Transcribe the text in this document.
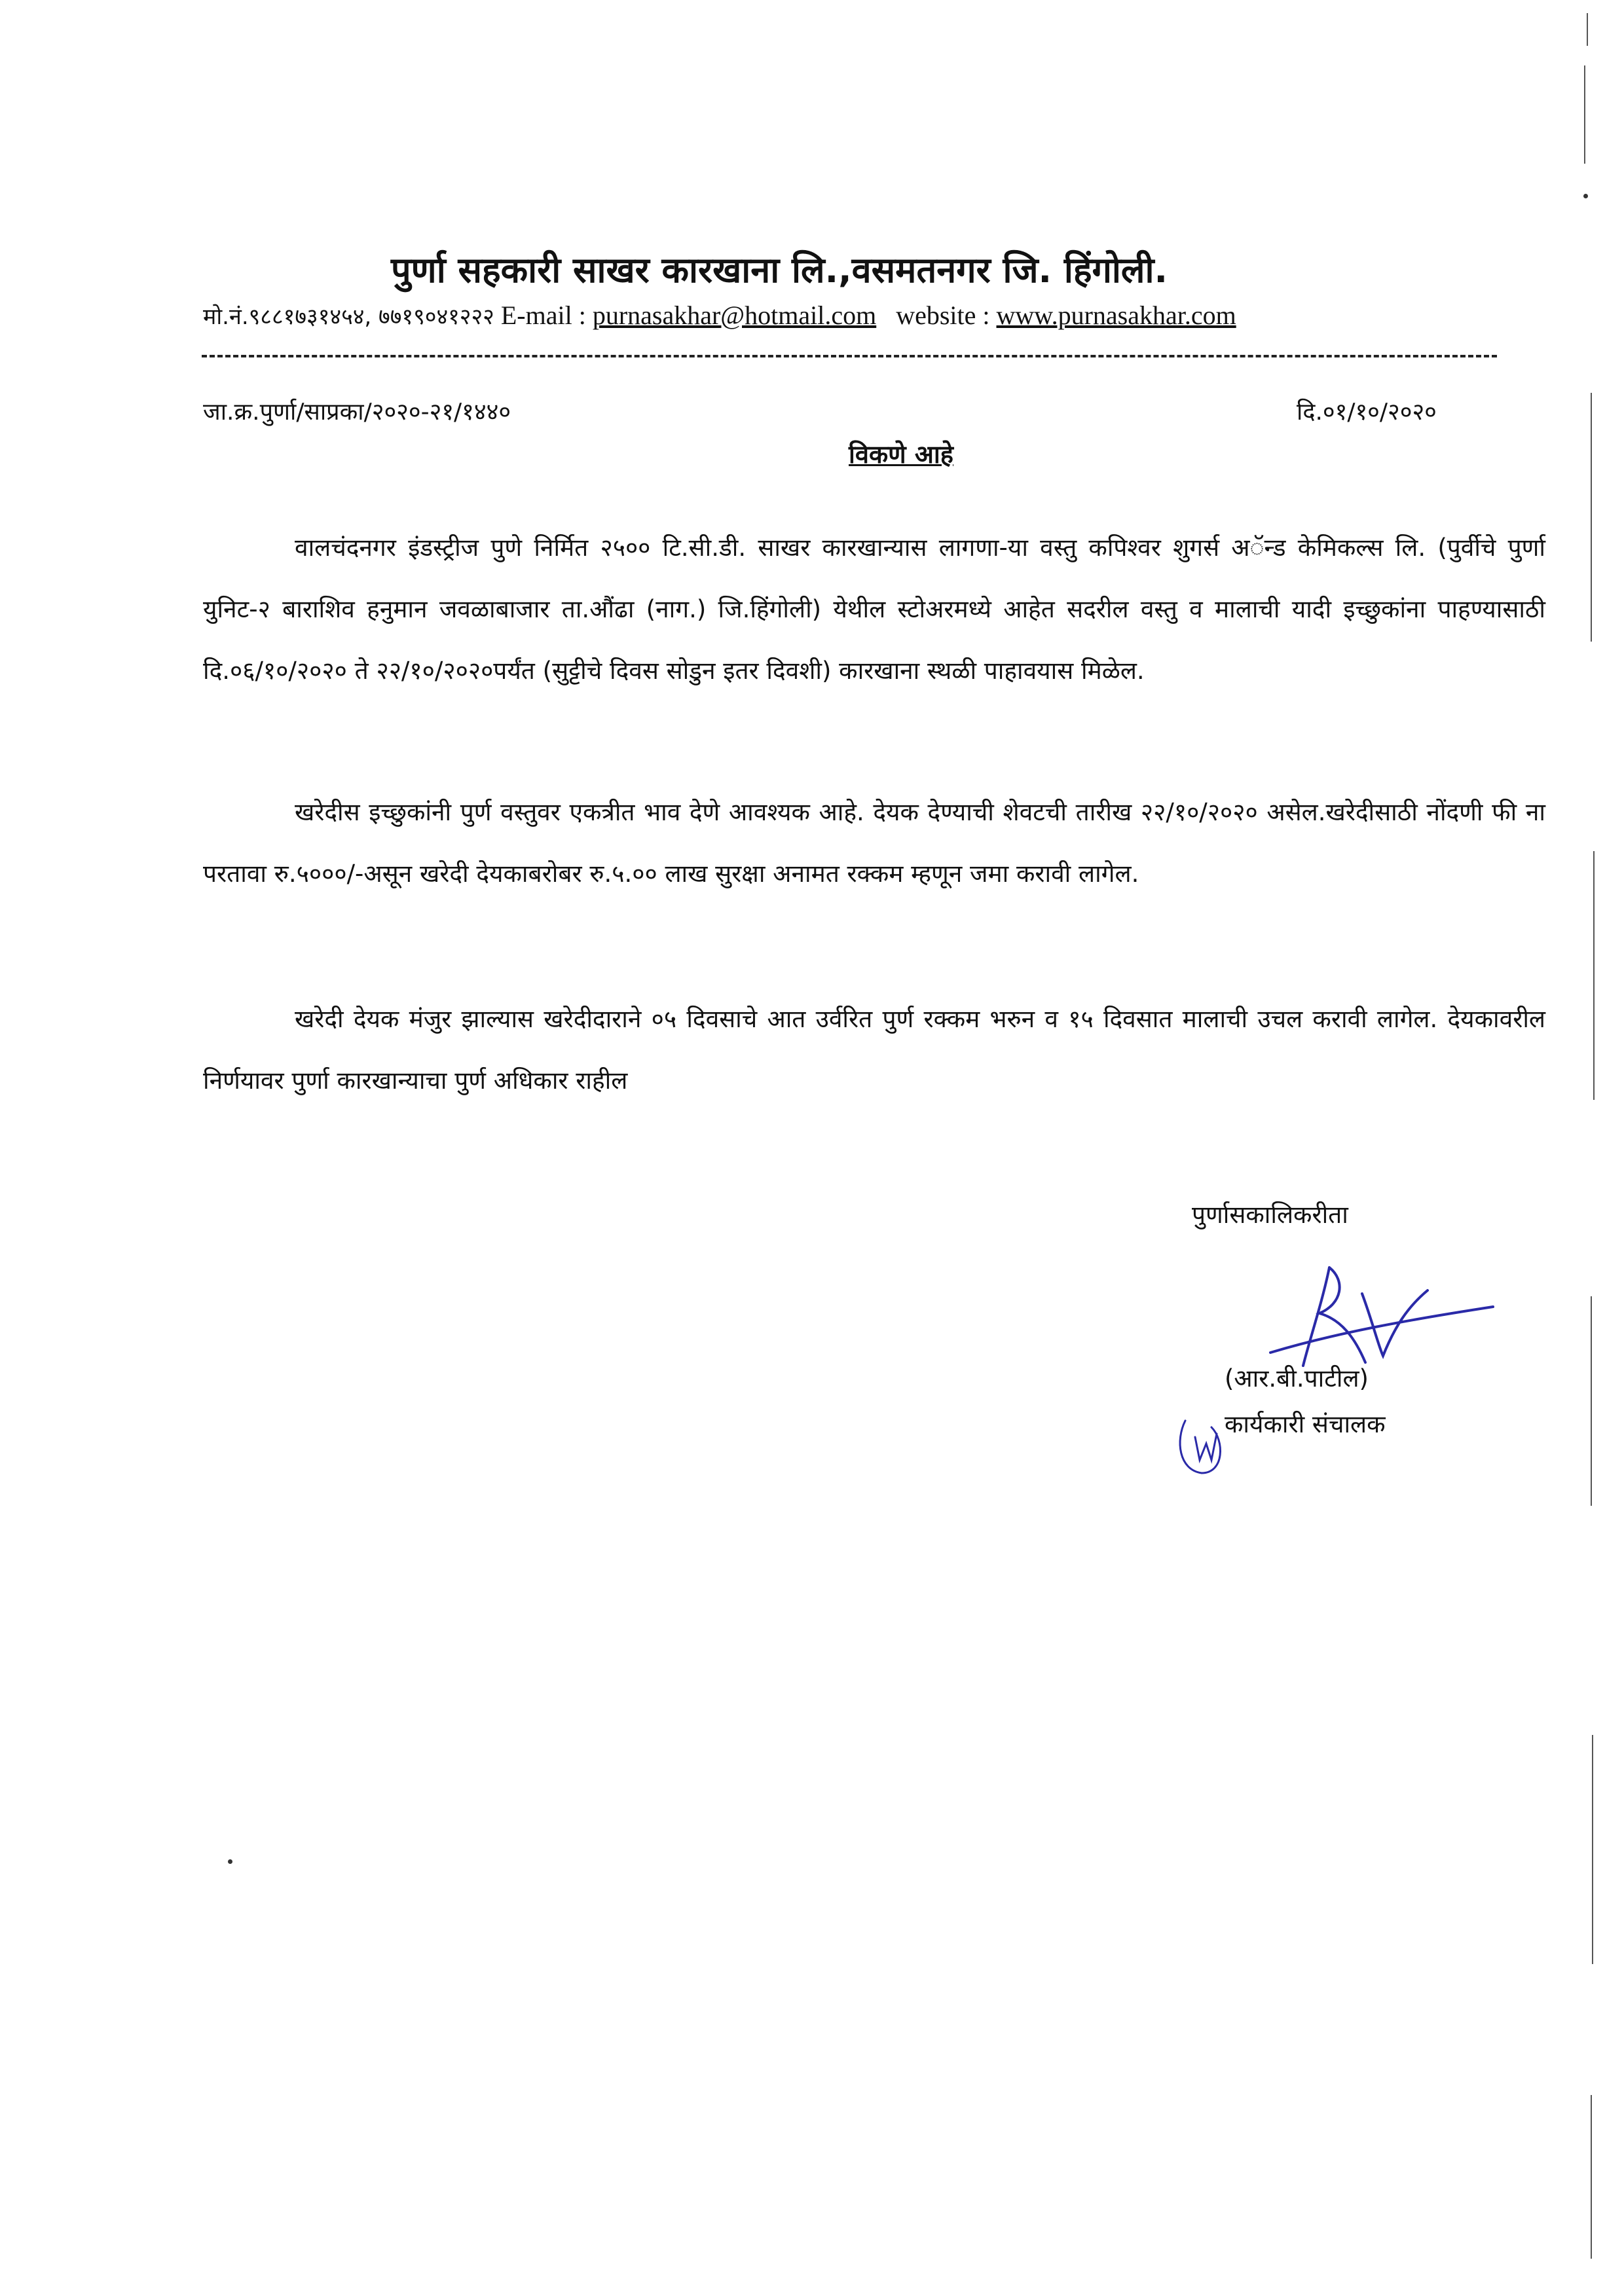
पुर्णा सहकारी साखर कारखाना लि.,वसमतनगर जि. हिंगोली.
मो.नं.९८८१७३१४५४, ७७१९०४१२२२ E-mail : purnasakhar@hotmail.com website : www.purnasakhar.com
जा.क्र.पुर्णा/साप्रका/२०२०-२१/१४४०	दि.०१/१०/२०२०
विकणे आहे
वालचंदनगर इंडस्ट्रीज पुणे निर्मित २५०० टि.सी.डी. साखर कारखान्यास लागणा-या वस्तु कपिश्वर शुगर्स अॅन्ड केमिकल्स लि. (पुर्वीचे पुर्णा युनिट-२ बाराशिव हनुमान जवळाबाजार ता.औंढा (नाग.) जि.हिंगोली) येथील स्टोअरमध्ये आहेत सदरील वस्तु व मालाची यादी इच्छुकांना पाहण्यासाठी दि.०६/१०/२०२० ते २२/१०/२०२०पर्यंत (सुट्टीचे दिवस सोडुन इतर दिवशी) कारखाना स्थळी पाहावयास मिळेल.
खरेदीस इच्छुकांनी पुर्ण वस्तुवर एकत्रीत भाव देणे आवश्यक आहे. देयक देण्याची शेवटची तारीख २२/१०/२०२० असेल.खरेदीसाठी नोंदणी फी ना परतावा रु.५०००/-असून खरेदी देयकाबरोबर रु.५.०० लाख सुरक्षा अनामत रक्कम म्हणून जमा करावी लागेल.
खरेदी देयक मंजुर झाल्यास खरेदीदाराने ०५ दिवसाचे आत उर्वरित पुर्ण रक्कम भरुन व १५ दिवसात मालाची उचल करावी लागेल. देयकावरील निर्णयावर पुर्णा कारखान्याचा पुर्ण अधिकार राहील
पुर्णासकालिकरीता
(आर.बी.पाटील)
कार्यकारी संचालक
